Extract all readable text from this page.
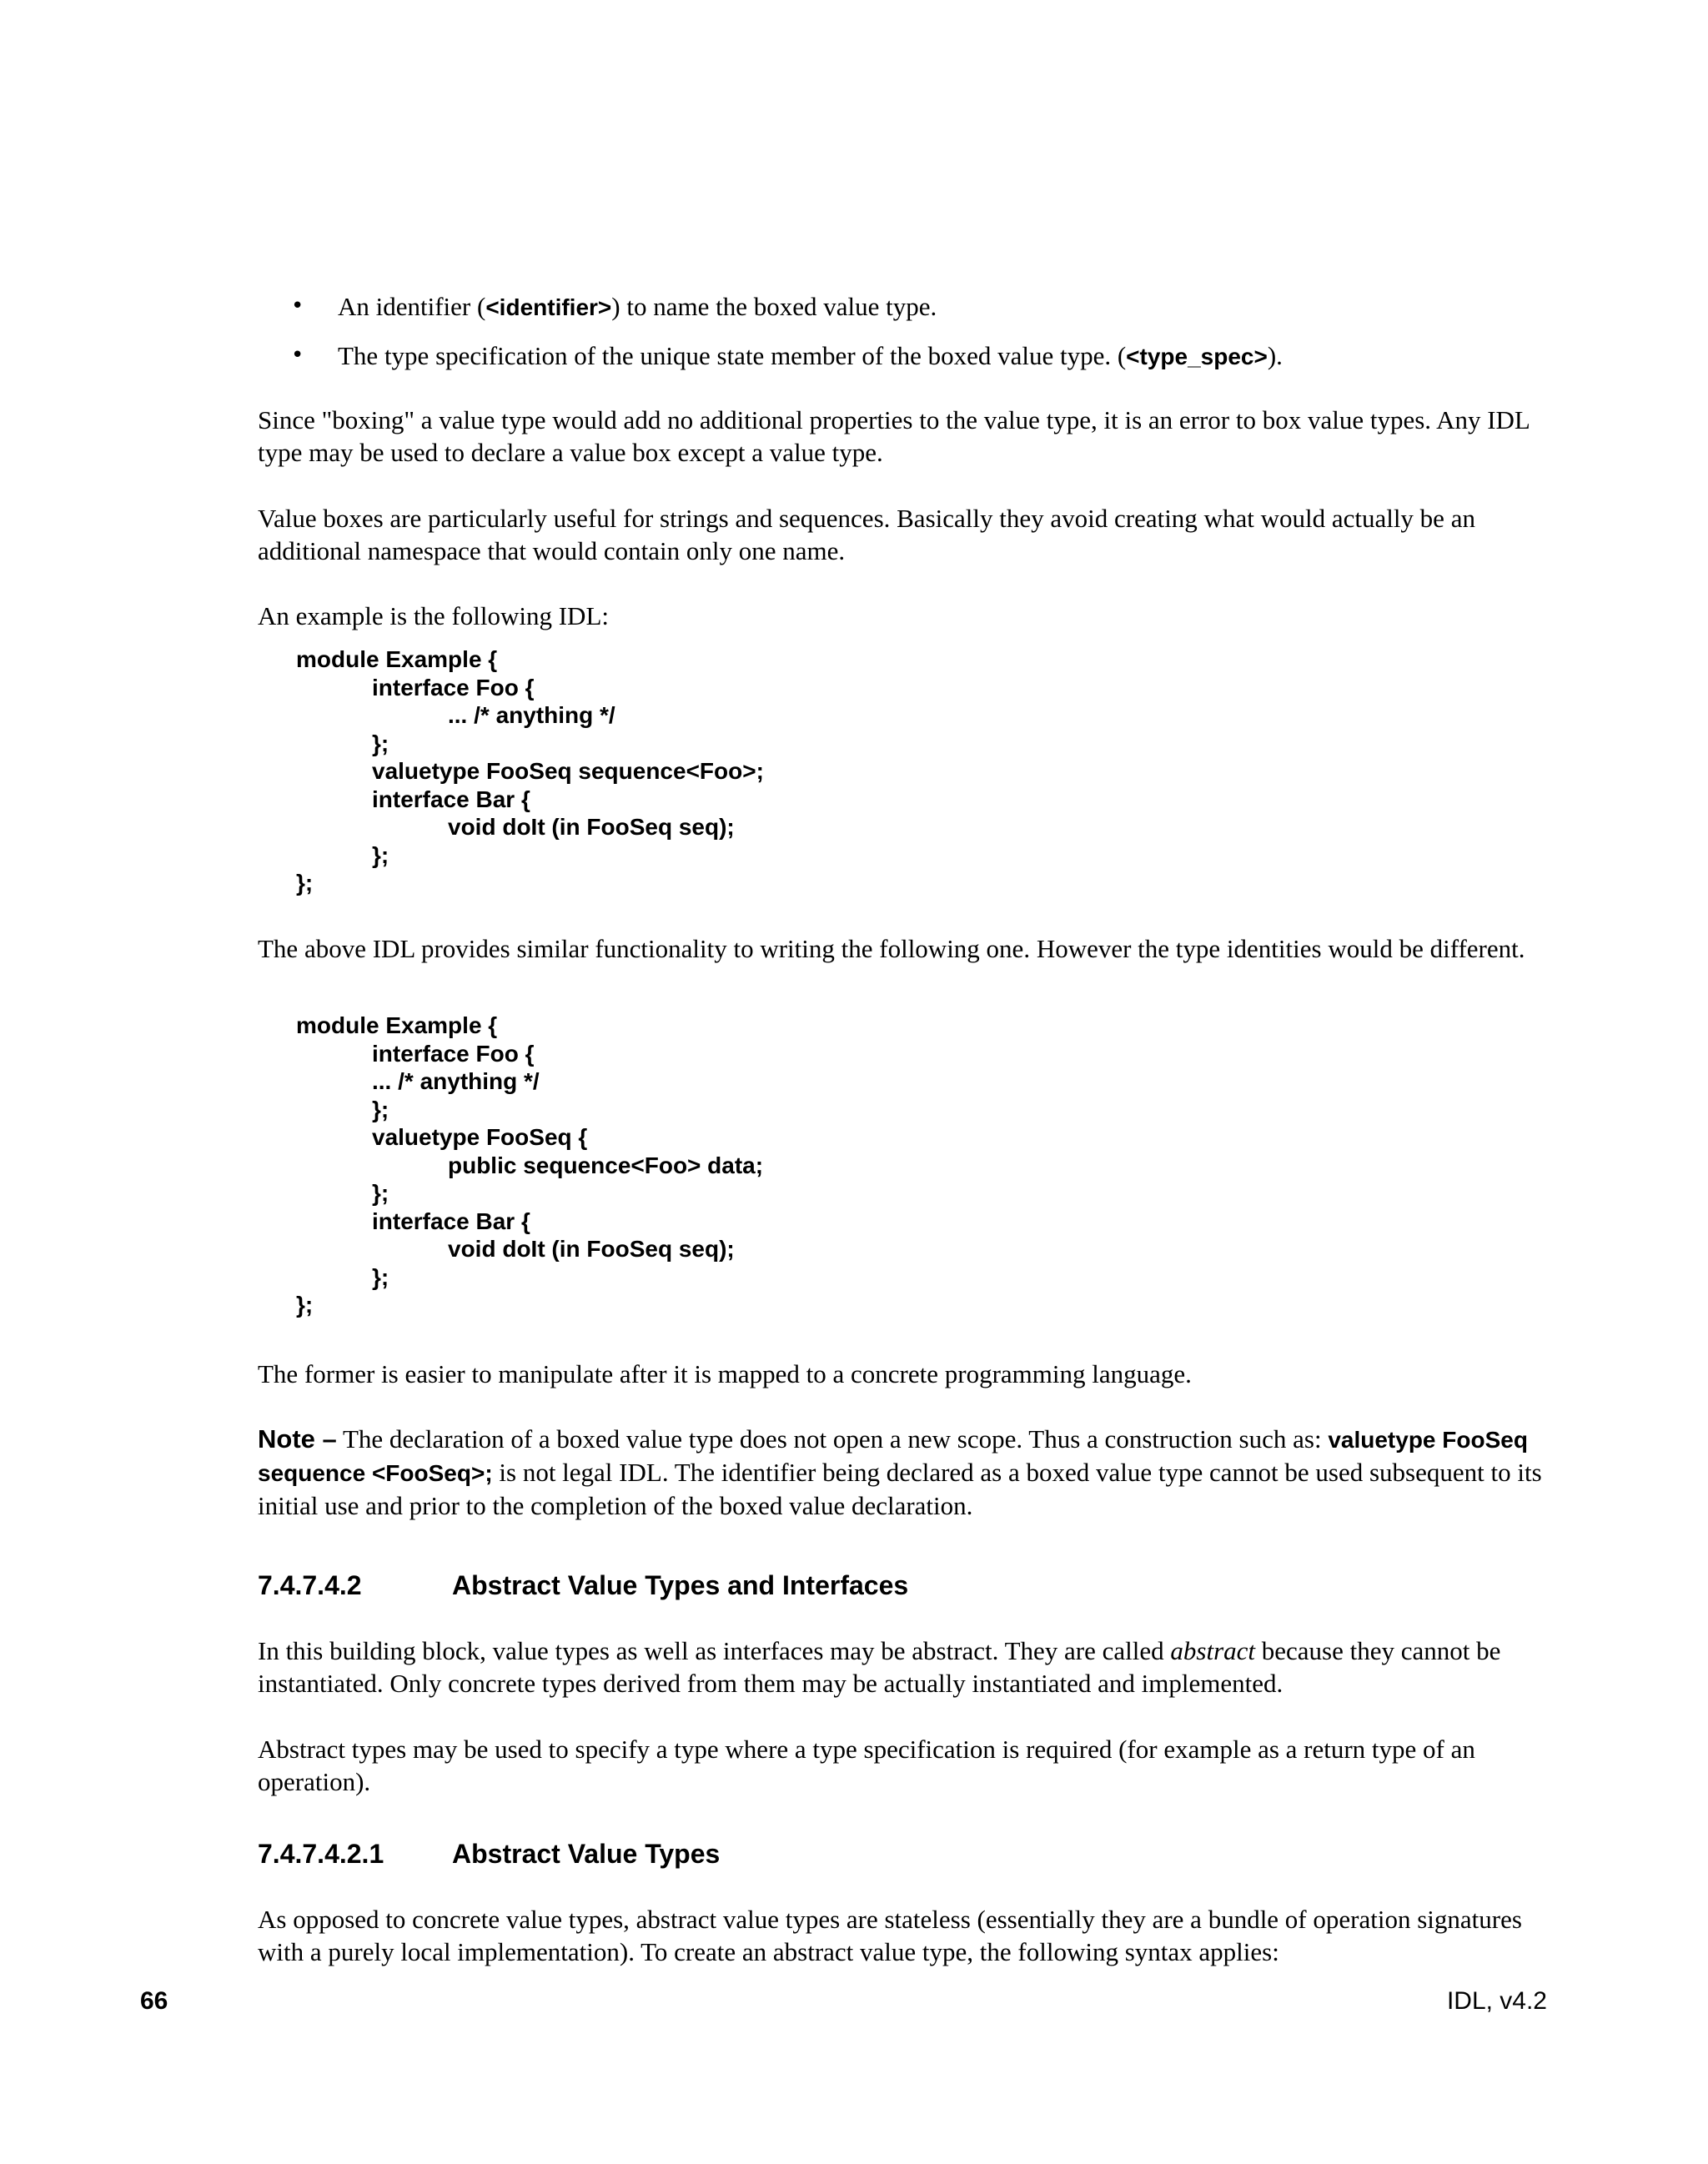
• An identifier (<identifier>) to name the boxed value type.
• The type specification of the unique state member of the boxed value type. (<type_spec>).

Since "boxing" a value type would add no additional properties to the value type, it is an error to box value types. Any IDL type may be used to declare a value box except a value type.

Value boxes are particularly useful for strings and sequences. Basically they avoid creating what would actually be an additional namespace that would contain only one name.

An example is the following IDL:

module Example {
interface Foo {
... /* anything */
};
valuetype FooSeq sequence<Foo>;
interface Bar {
void doIt (in FooSeq seq);
};
};

The above IDL provides similar functionality to writing the following one. However the type identities would be different.

module Example {
interface Foo {
... /* anything */
};
valuetype FooSeq {
public sequence<Foo> data;
};
interface Bar {
void doIt (in FooSeq seq);
};
};

The former is easier to manipulate after it is mapped to a concrete programming language.

Note – The declaration of a boxed value type does not open a new scope. Thus a construction such as: valuetype FooSeq sequence <FooSeq>; is not legal IDL. The identifier being declared as a boxed value type cannot be used subsequent to its initial use and prior to the completion of the boxed value declaration.

7.4.7.4.2	Abstract Value Types and Interfaces

In this building block, value types as well as interfaces may be abstract. They are called abstract because they cannot be instantiated. Only concrete types derived from them may be actually instantiated and implemented.

Abstract types may be used to specify a type where a type specification is required (for example as a return type of an operation).

7.4.7.4.2.1	Abstract Value Types

As opposed to concrete value types, abstract value types are stateless (essentially they are a bundle of operation signatures with a purely local implementation). To create an abstract value type, the following syntax applies:

66	IDL, v4.2
